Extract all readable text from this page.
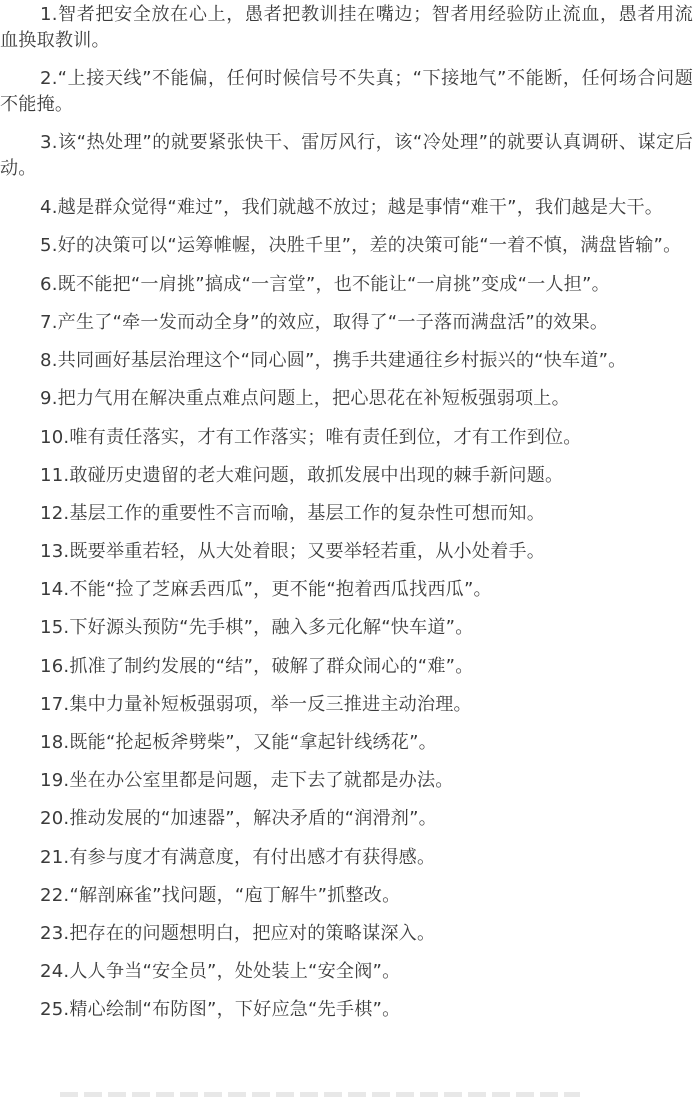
1.智者把安全放在心上，愚者把教训挂在嘴边；智者用经验防止流血，愚者用流血换取教训。

2.“上接天线”不能偏，任何时候信号不失真；“下接地气”不能断，任何场合问题不能掩。

3.该“热处理”的就要紧张快干、雷厉风行，该“冷处理”的就要认真调研、谋定后动。

4.越是群众觉得“难过”，我们就越不放过；越是事情“难干”，我们越是大干。

5.好的决策可以“运筹帷幄，决胜千里”，差的决策可能“一着不慎，满盘皆输”。

6.既不能把“一肩挑”搞成“一言堂”，也不能让“一肩挑”变成“一人担”。

7.产生了“牵一发而动全身”的效应，取得了“一子落而满盘活”的效果。

8.共同画好基层治理这个“同心圆”，携手共建通往乡村振兴的“快车道”。

9.把力气用在解决重点难点问题上，把心思花在补短板强弱项上。

10.唯有责任落实，才有工作落实；唯有责任到位，才有工作到位。

11.敢碰历史遗留的老大难问题，敢抓发展中出现的棘手新问题。

12.基层工作的重要性不言而喻，基层工作的复杂性可想而知。

13.既要举重若轻，从大处着眼；又要举轻若重，从小处着手。

14.不能“捡了芝麻丢西瓜”，更不能“抱着西瓜找西瓜”。

15.下好源头预防“先手棋”，融入多元化解“快车道”。

16.抓准了制约发展的“结”，破解了群众闹心的“难”。

17.集中力量补短板强弱项，举一反三推进主动治理。

18.既能“抡起板斧劈柴”，又能“拿起针线绣花”。

19.坐在办公室里都是问题，走下去了就都是办法。

20.推动发展的“加速器”，解决矛盾的“润滑剂”。

21.有参与度才有满意度，有付出感才有获得感。

22.“解剖麻雀”找问题，“庖丁解牛”抓整改。

23.把存在的问题想明白，把应对的策略谋深入。

24.人人争当“安全员”，处处装上“安全阀”。

25.精心绘制“布防图”，下好应急“先手棋”。
